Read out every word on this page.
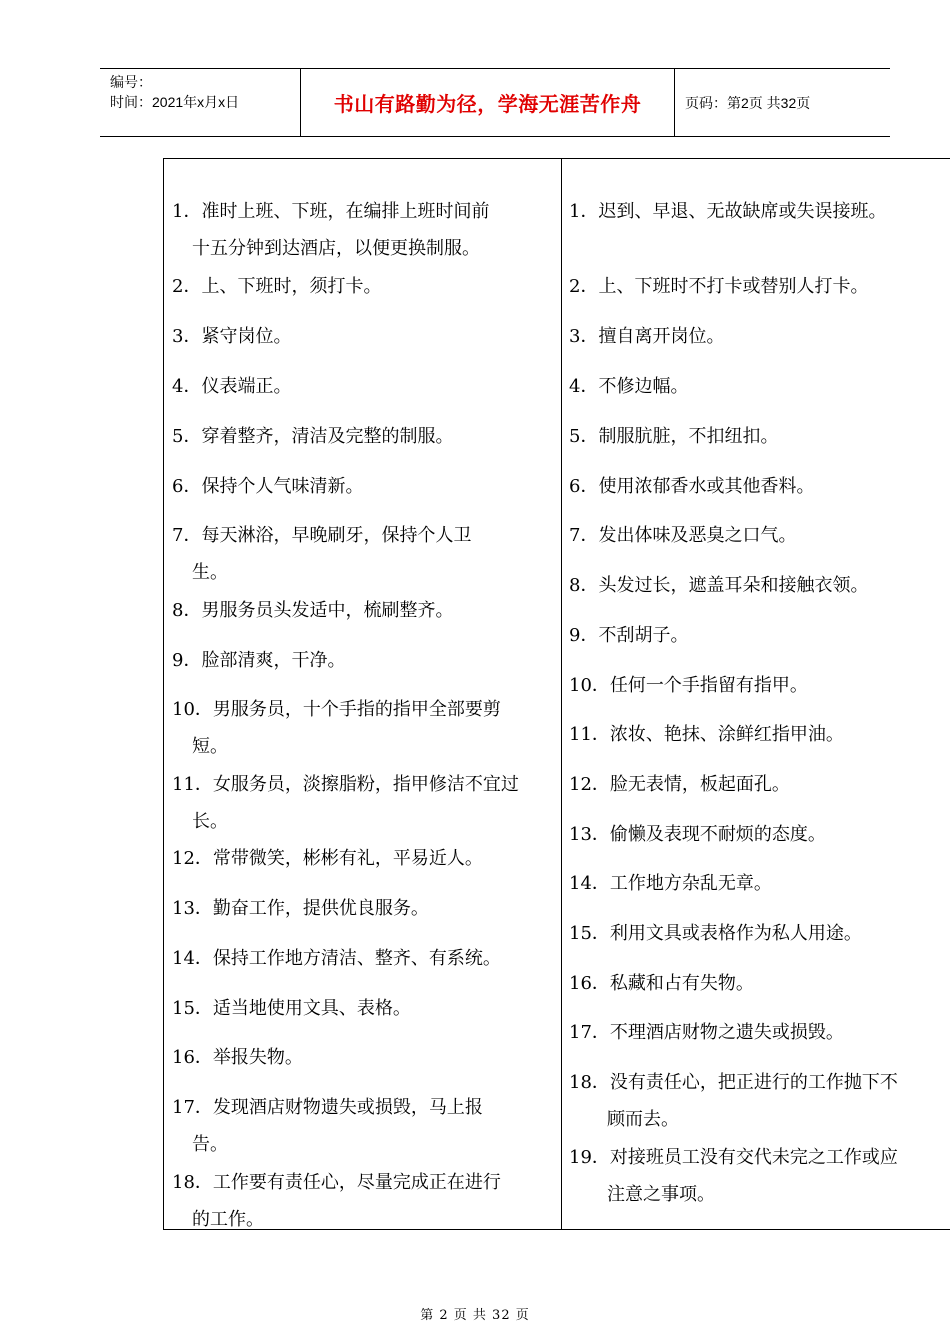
编号：
时间：2021年x月x日	书山有路勤为径，学海无涯苦作舟	页码：第2页 共32页
1．准时上班、下班，在编排上班时间前
十五分钟到达酒店，以便更换制服。
2．上、下班时，须打卡。
3．紧守岗位。
4．仪表端正。
5．穿着整齐，清洁及完整的制服。
6．保持个人气味清新。
7．每天淋浴，早晚刷牙，保持个人卫
生。
8．男服务员头发适中，梳刷整齐。
9．脸部清爽，干净。
10．男服务员，十个手指的指甲全部要剪
短。
11．女服务员，淡擦脂粉，指甲修洁不宜过
长。
12．常带微笑，彬彬有礼，平易近人。
13．勤奋工作，提供优良服务。
14．保持工作地方清洁、整齐、有系统。
15．适当地使用文具、表格。
16．举报失物。
17．发现酒店财物遗失或损毁，马上报
告。
18．工作要有责任心，尽量完成正在进行
的工作。
1．迟到、早退、无故缺席或失误接班。
2．上、下班时不打卡或替别人打卡。
3．擅自离开岗位。
4．不修边幅。
5．制服肮脏，不扣纽扣。
6．使用浓郁香水或其他香料。
7．发出体味及恶臭之口气。
8．头发过长，遮盖耳朵和接触衣领。
9．不刮胡子。
10．任何一个手指留有指甲。
11．浓妆、艳抹、涂鲜红指甲油。
12．脸无表情，板起面孔。
13．偷懒及表现不耐烦的态度。
14．工作地方杂乱无章。
15．利用文具或表格作为私人用途。
16．私藏和占有失物。
17．不理酒店财物之遗失或损毁。
18．没有责任心，把正进行的工作抛下不
顾而去。
19．对接班员工没有交代未完之工作或应
注意之事项。
第 2 页 共 32 页
